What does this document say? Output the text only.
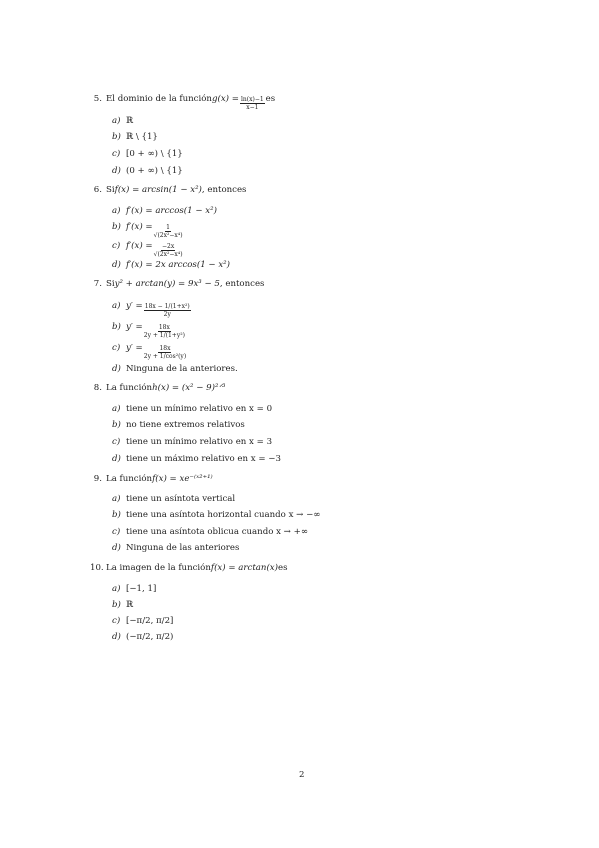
5. El dominio de la función $g(x) = \frac{\ln(x)-1}{x-1}$ es
a) ℝ
b) ℝ \ {1}
c) [0 + ∞) \ {1}
d) (0 + ∞) \ {1}
6. Si f(x) = arcsin(1 − x²) , entonces
a) f′(x) = arccos(1 − x²)
b) $f'(x) = \frac{1}{\text{√(2x²−x⁴)}}$
c) $f'(x) = \frac{-2x}{\text{√(2x²−x⁴)}}$
d) f′(x) = 2x arccos(1 − x²)
7. Si y² + arctan(y) = 9x³ − 5 , entonces
a) $y' = \frac{\text{18x − 1/(1+x²)}}{2y}$
b) $y' = \frac{18x}{\text{2y + 1/(1+y²)}}$
c) $y' = \frac{18x}{\text{2y + 1/cos²(y)}}$
d) Ninguna de la anteriores.
8. La función h(x) = (x² − 9)²ᐟ³
a) tiene un mínimo relativo en x = 0
b) no tiene extremos relativos
c) tiene un mínimo relativo en x = 3
d) tiene un máximo relativo en x = −3
9. La función f(x) = xe⁻⁽ˣ²⁺¹⁾
a) tiene un asíntota vertical
b) tiene una asíntota horizontal cuando x → −∞
c) tiene una asíntota oblicua cuando x → +∞
d) Ninguna de las anteriores
10. La imagen de la función f(x) = arctan(x) es
a) [−1, 1]
b) ℝ
c) [−π/2, π/2]
d) (−π/2, π/2)
2
